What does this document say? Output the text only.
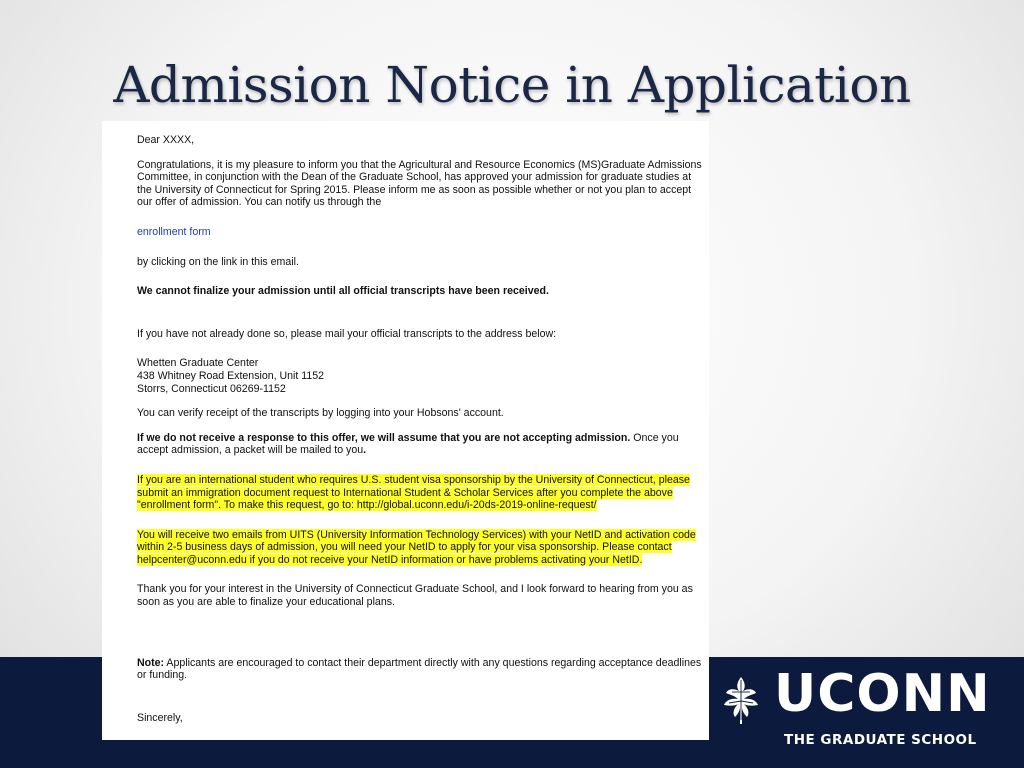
Admission Notice in Application

Dear XXXX,

Congratulations, it is my pleasure to inform you that the Agricultural and Resource Economics (MS)Graduate Admissions Committee, in conjunction with the Dean of the Graduate School, has approved your admission for graduate studies at the University of Connecticut for Spring 2015. Please inform me as soon as possible whether or not you plan to accept our offer of admission. You can notify us through the

enrollment form

by clicking on the link in this email.

We cannot finalize your admission until all official transcripts have been received.

If you have not already done so, please mail your official transcripts to the address below:

Whetten Graduate Center

438 Whitney Road Extension, Unit 1152

Storrs, Connecticut 06269-1152

You can verify receipt of the transcripts by logging into your Hobsons' account.

If we do not receive a response to this offer, we will assume that you are not accepting admission. Once you accept admission, a packet will be mailed to you.

If you are an international student who requires U.S. student visa sponsorship by the University of Connecticut, please submit an immigration document request to International Student & Scholar Services after you complete the above "enrollment form". To make this request, go to: http://global.uconn.edu/i-20ds-2019-online-request/

You will receive two emails from UITS (University Information Technology Services) with your NetID and activation code within 2-5 business days of admission, you will need your NetID to apply for your visa sponsorship. Please contact helpcenter@uconn.edu if you do not receive your NetID information or have problems activating your NetID.

Thank you for your interest in the University of Connecticut Graduate School, and I look forward to hearing from you as soon as you are able to finalize your educational plans.

Note: Applicants are encouraged to contact their department directly with any questions regarding acceptance deadlines or funding.

Sincerely,	UCONN
THE GRADUATE SCHOOL
